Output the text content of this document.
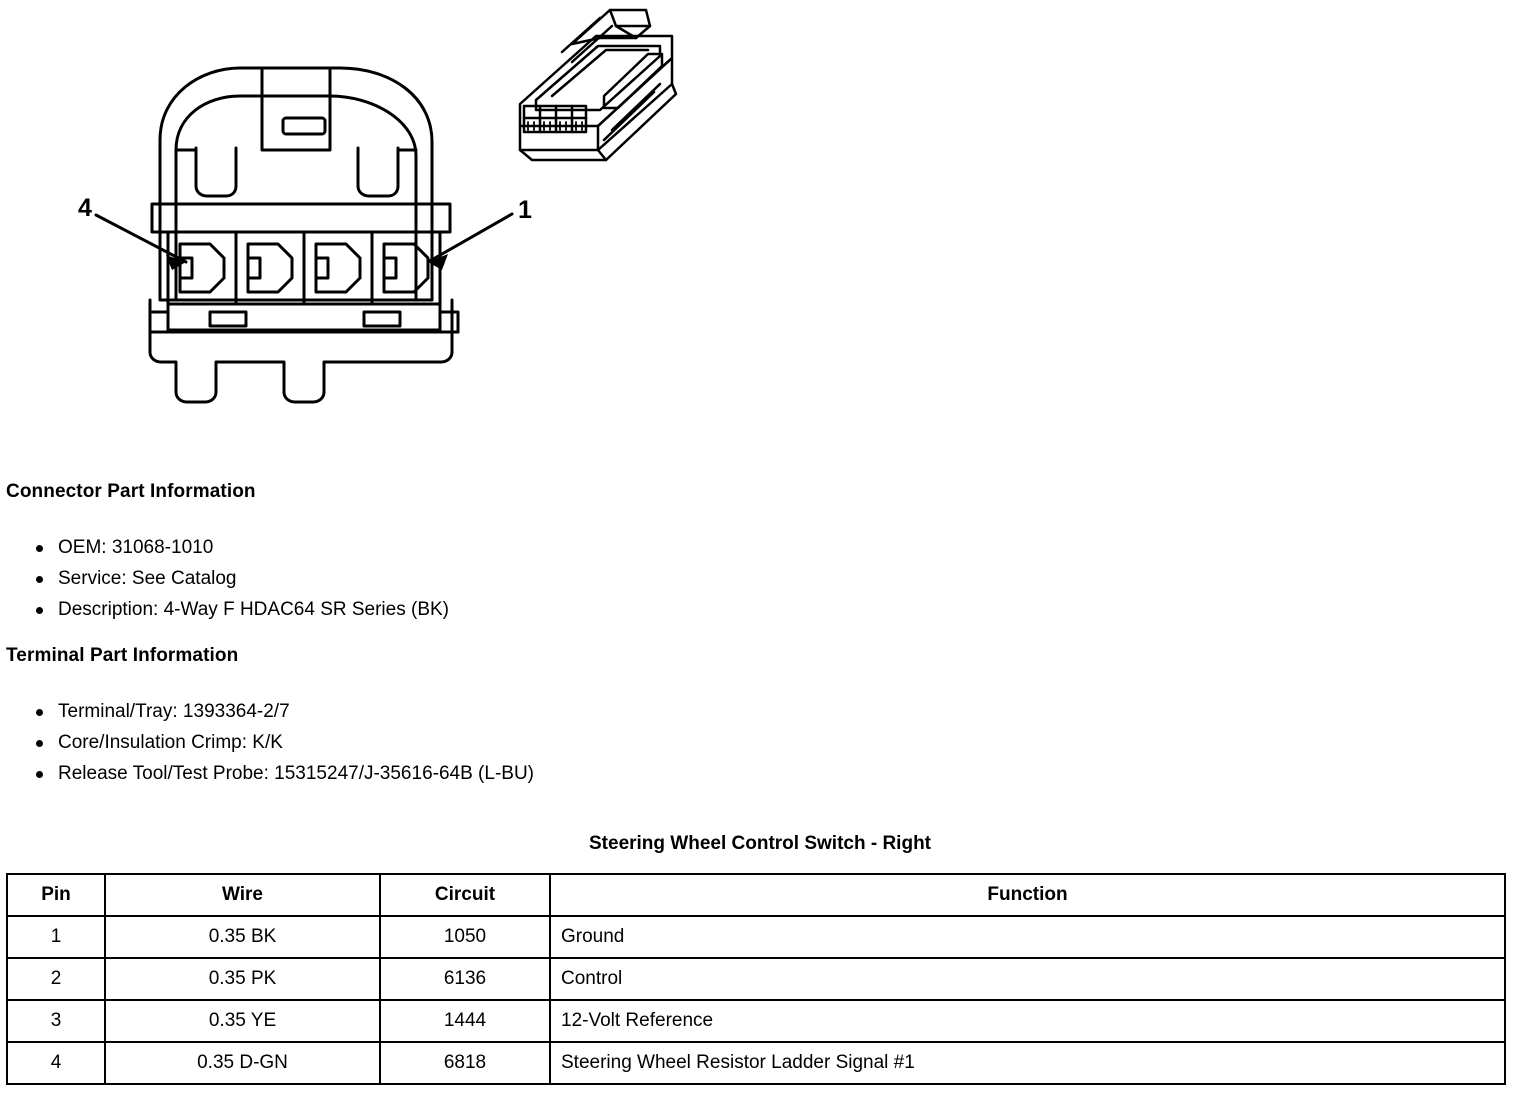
4	1
Connector Part Information
OEM: 31068-1010
Service: See Catalog
Description: 4-Way F HDAC64 SR Series (BK)
Terminal Part Information
Terminal/Tray: 1393364-2/7
Core/Insulation Crimp: K/K
Release Tool/Test Probe: 15315247/J-35616-64B (L-BU)
Steering Wheel Control Switch - Right
Pin	Wire	Circuit	Function
1	0.35 BK	1050	Ground
2	0.35 PK	6136	Control
3	0.35 YE	1444	12-Volt Reference
4	0.35 D-GN	6818	Steering Wheel Resistor Ladder Signal #1
